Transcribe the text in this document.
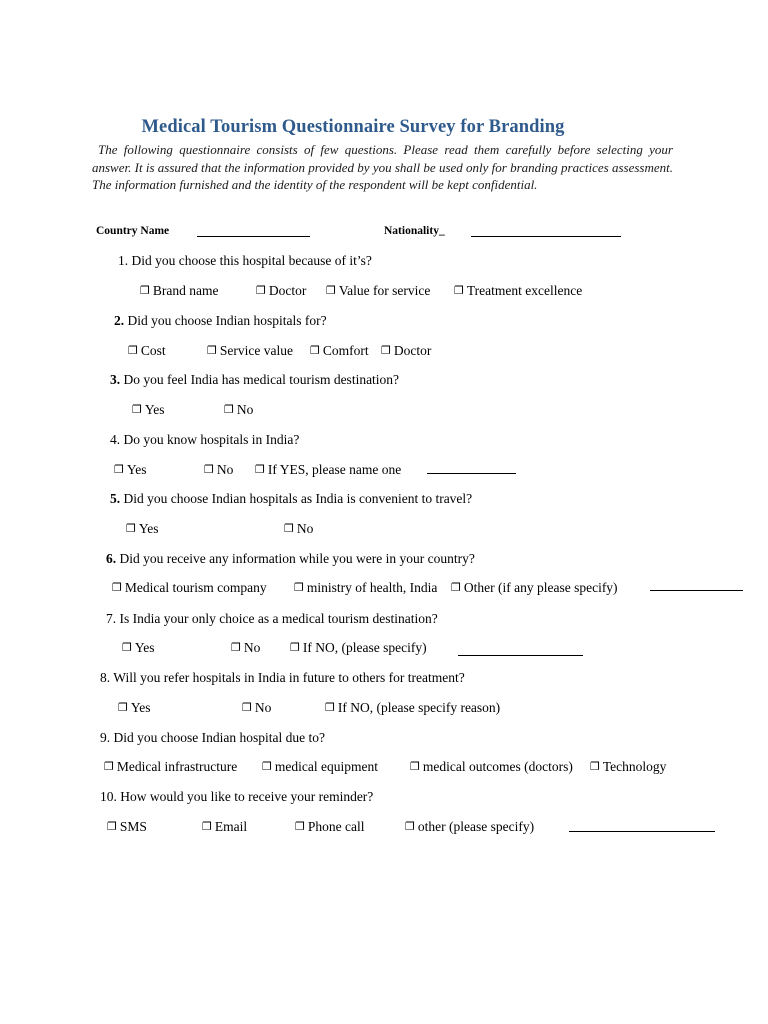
Medical Tourism Questionnaire Survey for Branding
The following questionnaire consists of few questions. Please read them carefully before selecting your answer. It is assured that the information provided by you shall be used only for branding practices assessment. The information furnished and the identity of the respondent will be kept confidential.
Country Name	Nationality_
1. Did you choose this hospital because of it’s?
❐ Brand name	❐ Doctor ❐ Value for service ❐ Treatment excellence
2. Did you choose Indian hospitals for?
❐ Cost	❐ Service value ❐ Comfort ❐ Doctor
3. Do you feel India has medical tourism destination?
❐ Yes	❐ No
4. Do you know hospitals in India?
❐ Yes	❐ No ❐ If YES, please name one
5. Did you choose Indian hospitals as India is convenient to travel?
❐ Yes	❐ No
6. Did you receive any information while you were in your country?
❐ Medical tourism company ❐ ministry of health, India ❐ Other (if any please specify)
7. Is India your only choice as a medical tourism destination?
❐ Yes	❐ No	❐ If NO, (please specify)
8. Will you refer hospitals in India in future to others for treatment?
❐ Yes	❐ No	❐ If NO, (please specify reason)
9. Did you choose Indian hospital due to?
❐ Medical infrastructure ❐ medical equipment	❐ medical outcomes (doctors) ❐ Technology
10. How would you like to receive your reminder?
❐ SMS	❐ Email	❐ Phone call	❐ other (please specify)
